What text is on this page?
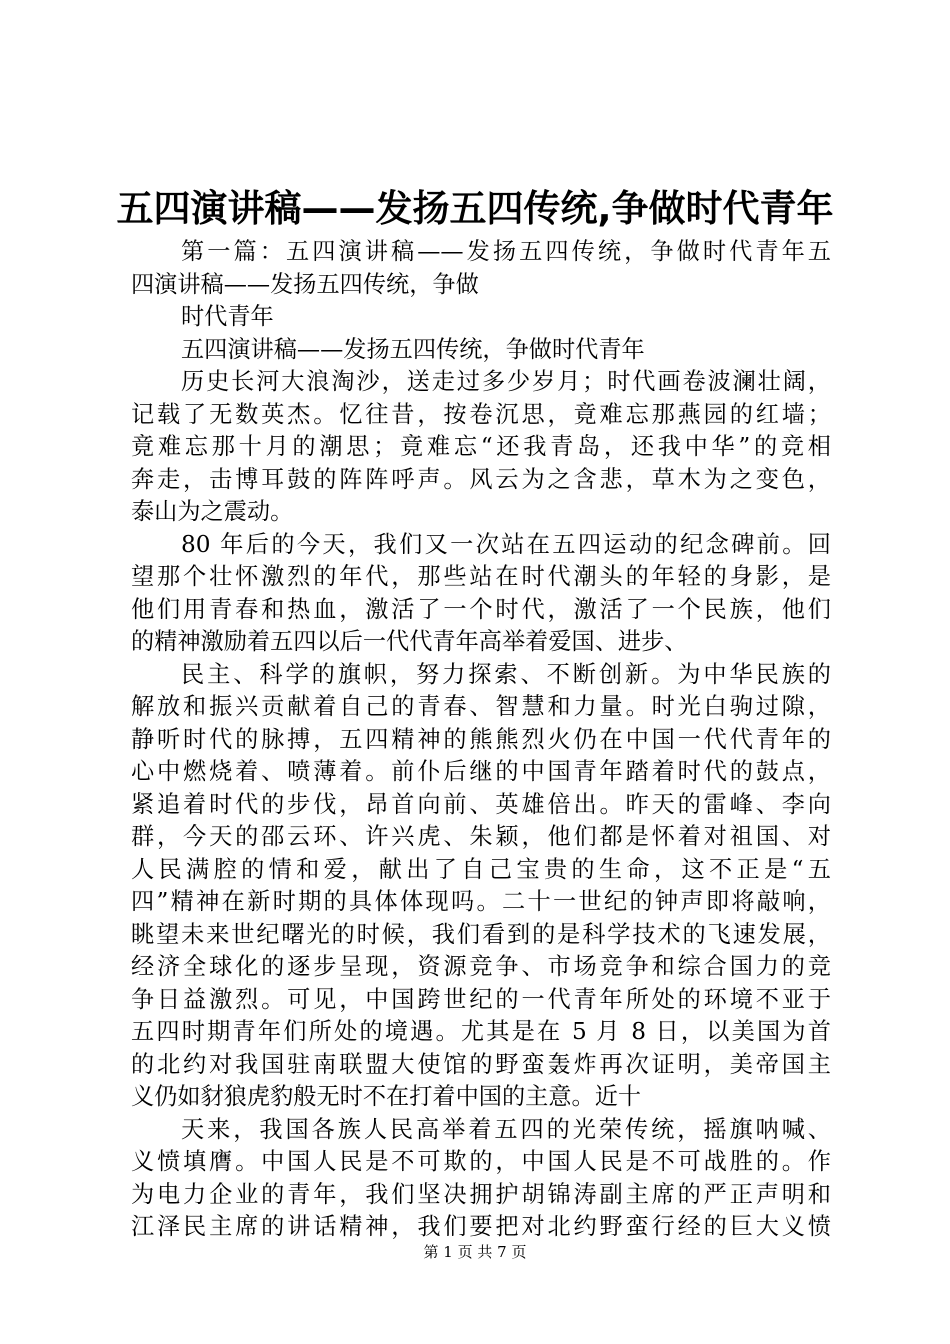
五四演讲稿——发扬五四传统,争做时代青年
第一篇：五四演讲稿——发扬五四传统，争做时代青年五
四演讲稿——发扬五四传统，争做
时代青年
五四演讲稿——发扬五四传统，争做时代青年
历史长河大浪淘沙，送走过多少岁月；时代画卷波澜壮阔，
记载了无数英杰。忆往昔，按卷沉思，竟难忘那燕园的红墙；
竟难忘那十月的潮思；竟难忘“还我青岛，还我中华”的竞相
奔走，击博耳鼓的阵阵呼声。风云为之含悲，草木为之变色，
泰山为之震动。
80 年后的今天，我们又一次站在五四运动的纪念碑前。回
望那个壮怀激烈的年代，那些站在时代潮头的年轻的身影，是
他们用青春和热血，激活了一个时代，激活了一个民族，他们
的精神激励着五四以后一代代青年高举着爱国、进步、
民主、科学的旗帜，努力探索、不断创新。为中华民族的
解放和振兴贡献着自己的青春、智慧和力量。时光白驹过隙，
静听时代的脉搏，五四精神的熊熊烈火仍在中国一代代青年的
心中燃烧着、喷薄着。前仆后继的中国青年踏着时代的鼓点，
紧追着时代的步伐，昂首向前、英雄倍出。昨天的雷峰、李向
群，今天的邵云环、许兴虎、朱颖，他们都是怀着对祖国、对
人民满腔的情和爱，献出了自己宝贵的生命，这不正是“五
四”精神在新时期的具体体现吗。二十一世纪的钟声即将敲响，
眺望未来世纪曙光的时候，我们看到的是科学技术的飞速发展，
经济全球化的逐步呈现，资源竞争、市场竞争和综合国力的竞
争日益激烈。可见，中国跨世纪的一代青年所处的环境不亚于
五四时期青年们所处的境遇。尤其是在 5 月 8 日，以美国为首
的北约对我国驻南联盟大使馆的野蛮轰炸再次证明，美帝国主
义仍如豺狼虎豹般无时不在打着中国的主意。近十
天来，我国各族人民高举着五四的光荣传统，摇旗呐喊、
义愤填膺。中国人民是不可欺的，中国人民是不可战胜的。作
为电力企业的青年，我们坚决拥护胡锦涛副主席的严正声明和
江泽民主席的讲话精神，我们要把对北约野蛮行经的巨大义愤
第 1 页 共 7 页
